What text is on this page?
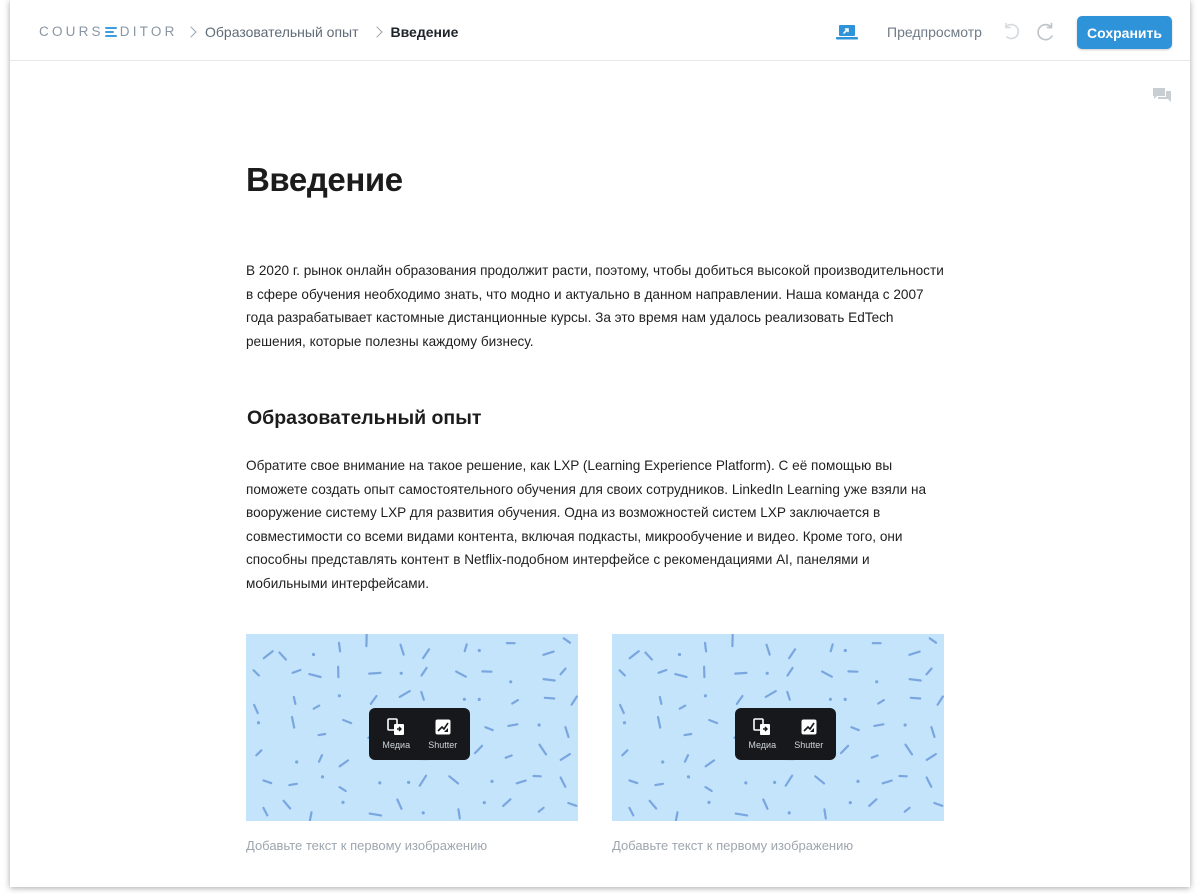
COURS DITOR Образовательный опыт Введение	Предпросмотр	Сохранить
Введение
В 2020 г. рынок онлайн образования продолжит расти, поэтому, чтобы добиться высокой производительности в сфере обучения необходимо знать, что модно и актуально в данном направлении. Наша команда с 2007 года разрабатывает кастомные дистанционные курсы. За это время нам удалось реализовать EdTech решения, которые полезны каждому бизнесу.
Образовательный опыт
Обратите свое внимание на такое решение, как LXP (Learning Experience Platform). С её помощью вы поможете создать опыт самостоятельного обучения для своих сотрудников. LinkedIn Learning уже взяли на вооружение систему LXP для развития обучения. Одна из возможностей систем LXP заключается в совместимости со всеми видами контента, включая подкасты, микрообучение и видео. Кроме того, они способны представлять контент в Netflix-подобном интерфейсе с рекомендациями AI, панелями и мобильными интерфейсами.
Медиа Shutter	Медиа Shutter
Добавьте текст к первому изображению	Добавьте текст к первому изображению
